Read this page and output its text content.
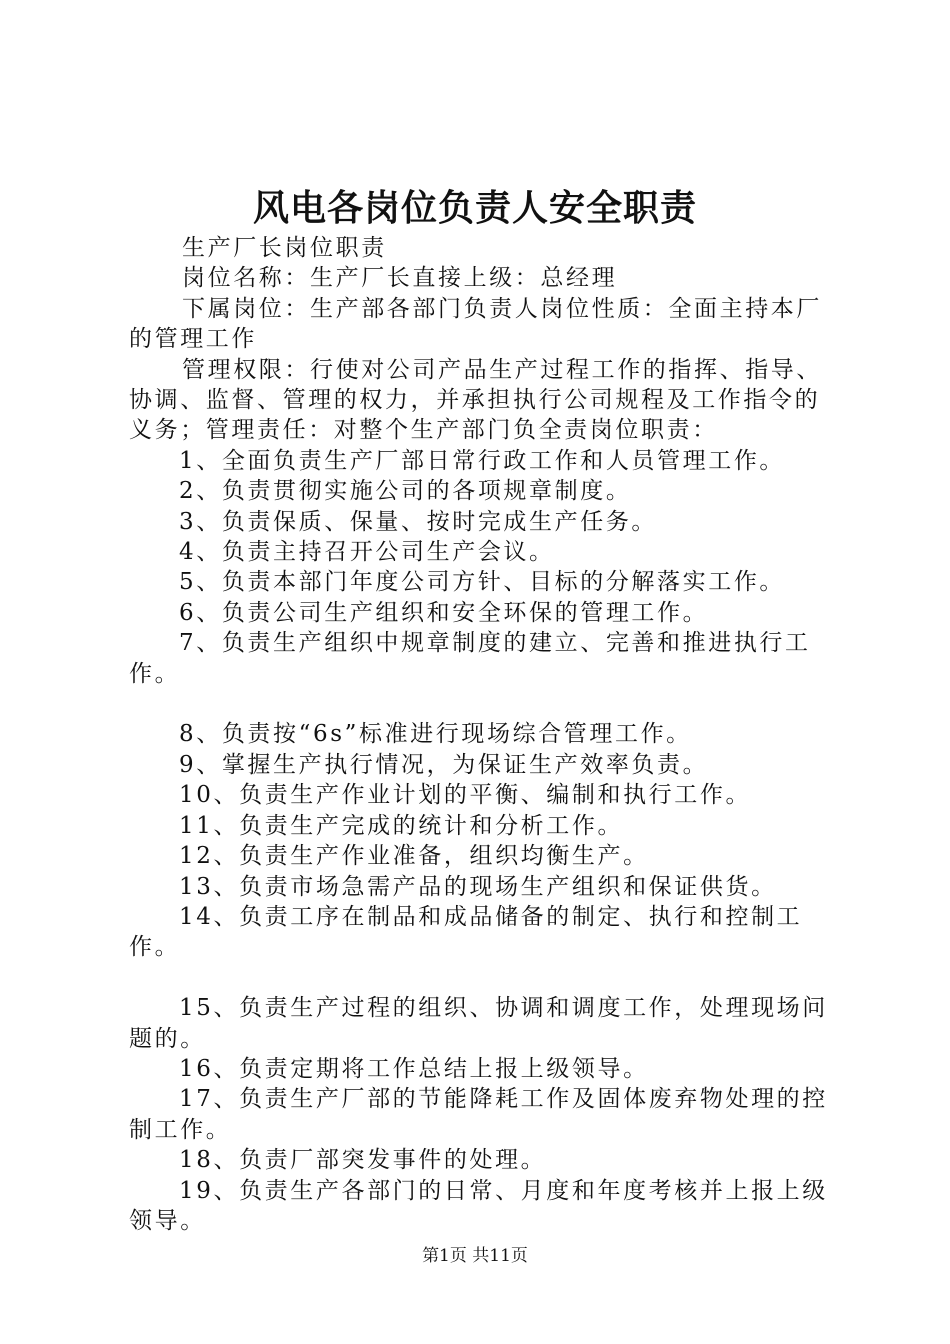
风电各岗位负责人安全职责

生产厂长岗位职责

岗位名称：生产厂长直接上级：总经理

下属岗位：生产部各部门负责人岗位性质：全面主持本厂的管理工作

管理权限：行使对公司产品生产过程工作的指挥、指导、协调、监督、管理的权力，并承担执行公司规程及工作指令的义务；管理责任：对整个生产部门负全责岗位职责：

1、全面负责生产厂部日常行政工作和人员管理工作。

2、负责贯彻实施公司的各项规章制度。

3、负责保质、保量、按时完成生产任务。

4、负责主持召开公司生产会议。

5、负责本部门年度公司方针、目标的分解落实工作。

6、负责公司生产组织和安全环保的管理工作。

7、负责生产组织中规章制度的建立、完善和推进执行工作。

8、负责按“6s”标准进行现场综合管理工作。

9、掌握生产执行情况，为保证生产效率负责。

10、负责生产作业计划的平衡、编制和执行工作。

11、负责生产完成的统计和分析工作。

12、负责生产作业准备，组织均衡生产。

13、负责市场急需产品的现场生产组织和保证供货。

14、负责工序在制品和成品储备的制定、执行和控制工作。

15、负责生产过程的组织、协调和调度工作，处理现场问题的。

16、负责定期将工作总结上报上级领导。

17、负责生产厂部的节能降耗工作及固体废弃物处理的控制工作。

18、负责厂部突发事件的处理。

19、负责生产各部门的日常、月度和年度考核并上报上级领导。

第1页 共11页
